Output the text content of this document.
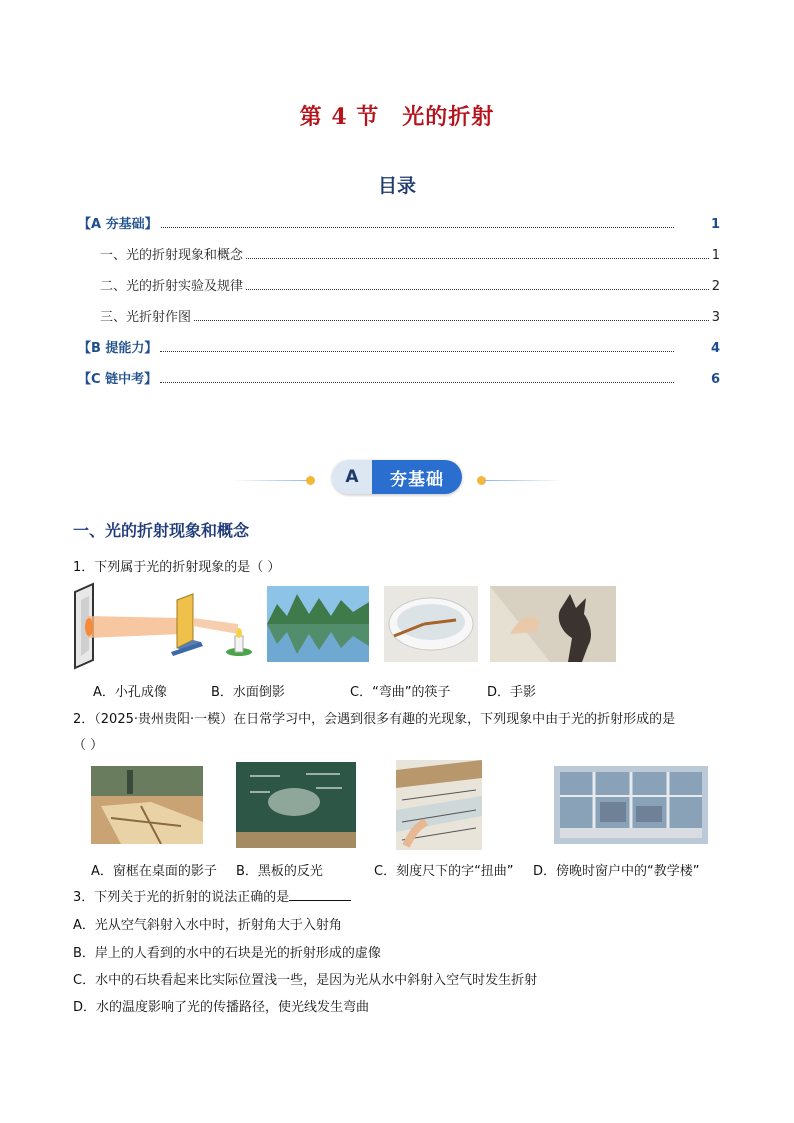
第 4 节　光的折射
目录
【A 夯基础】	1
一、光的折射现象和概念	1
二、光的折射实验及规律	2
三、光折射作图	3
【B 提能力】	4
【C 链中考】	6
A	夯基础
一、光的折射现象和概念
1．下列属于光的折射现象的是（ ）
A．小孔成像	B．水面倒影	C．“弯曲”的筷子	D．手影
2．（2025·贵州贵阳·一模）在日常学习中，会遇到很多有趣的光现象，下列现象中由于光的折射形成的是
（ ）
A．窗框在桌面的影子 B．黑板的反光	C．刻度尺下的字“扭曲” D．傍晚时窗户中的“教学楼”
3．下列关于光的折射的说法正确的是
A．光从空气斜射入水中时，折射角大于入射角
B．岸上的人看到的水中的石块是光的折射形成的虚像
C．水中的石块看起来比实际位置浅一些，是因为光从水中斜射入空气时发生折射
D．水的温度影响了光的传播路径，使光线发生弯曲
